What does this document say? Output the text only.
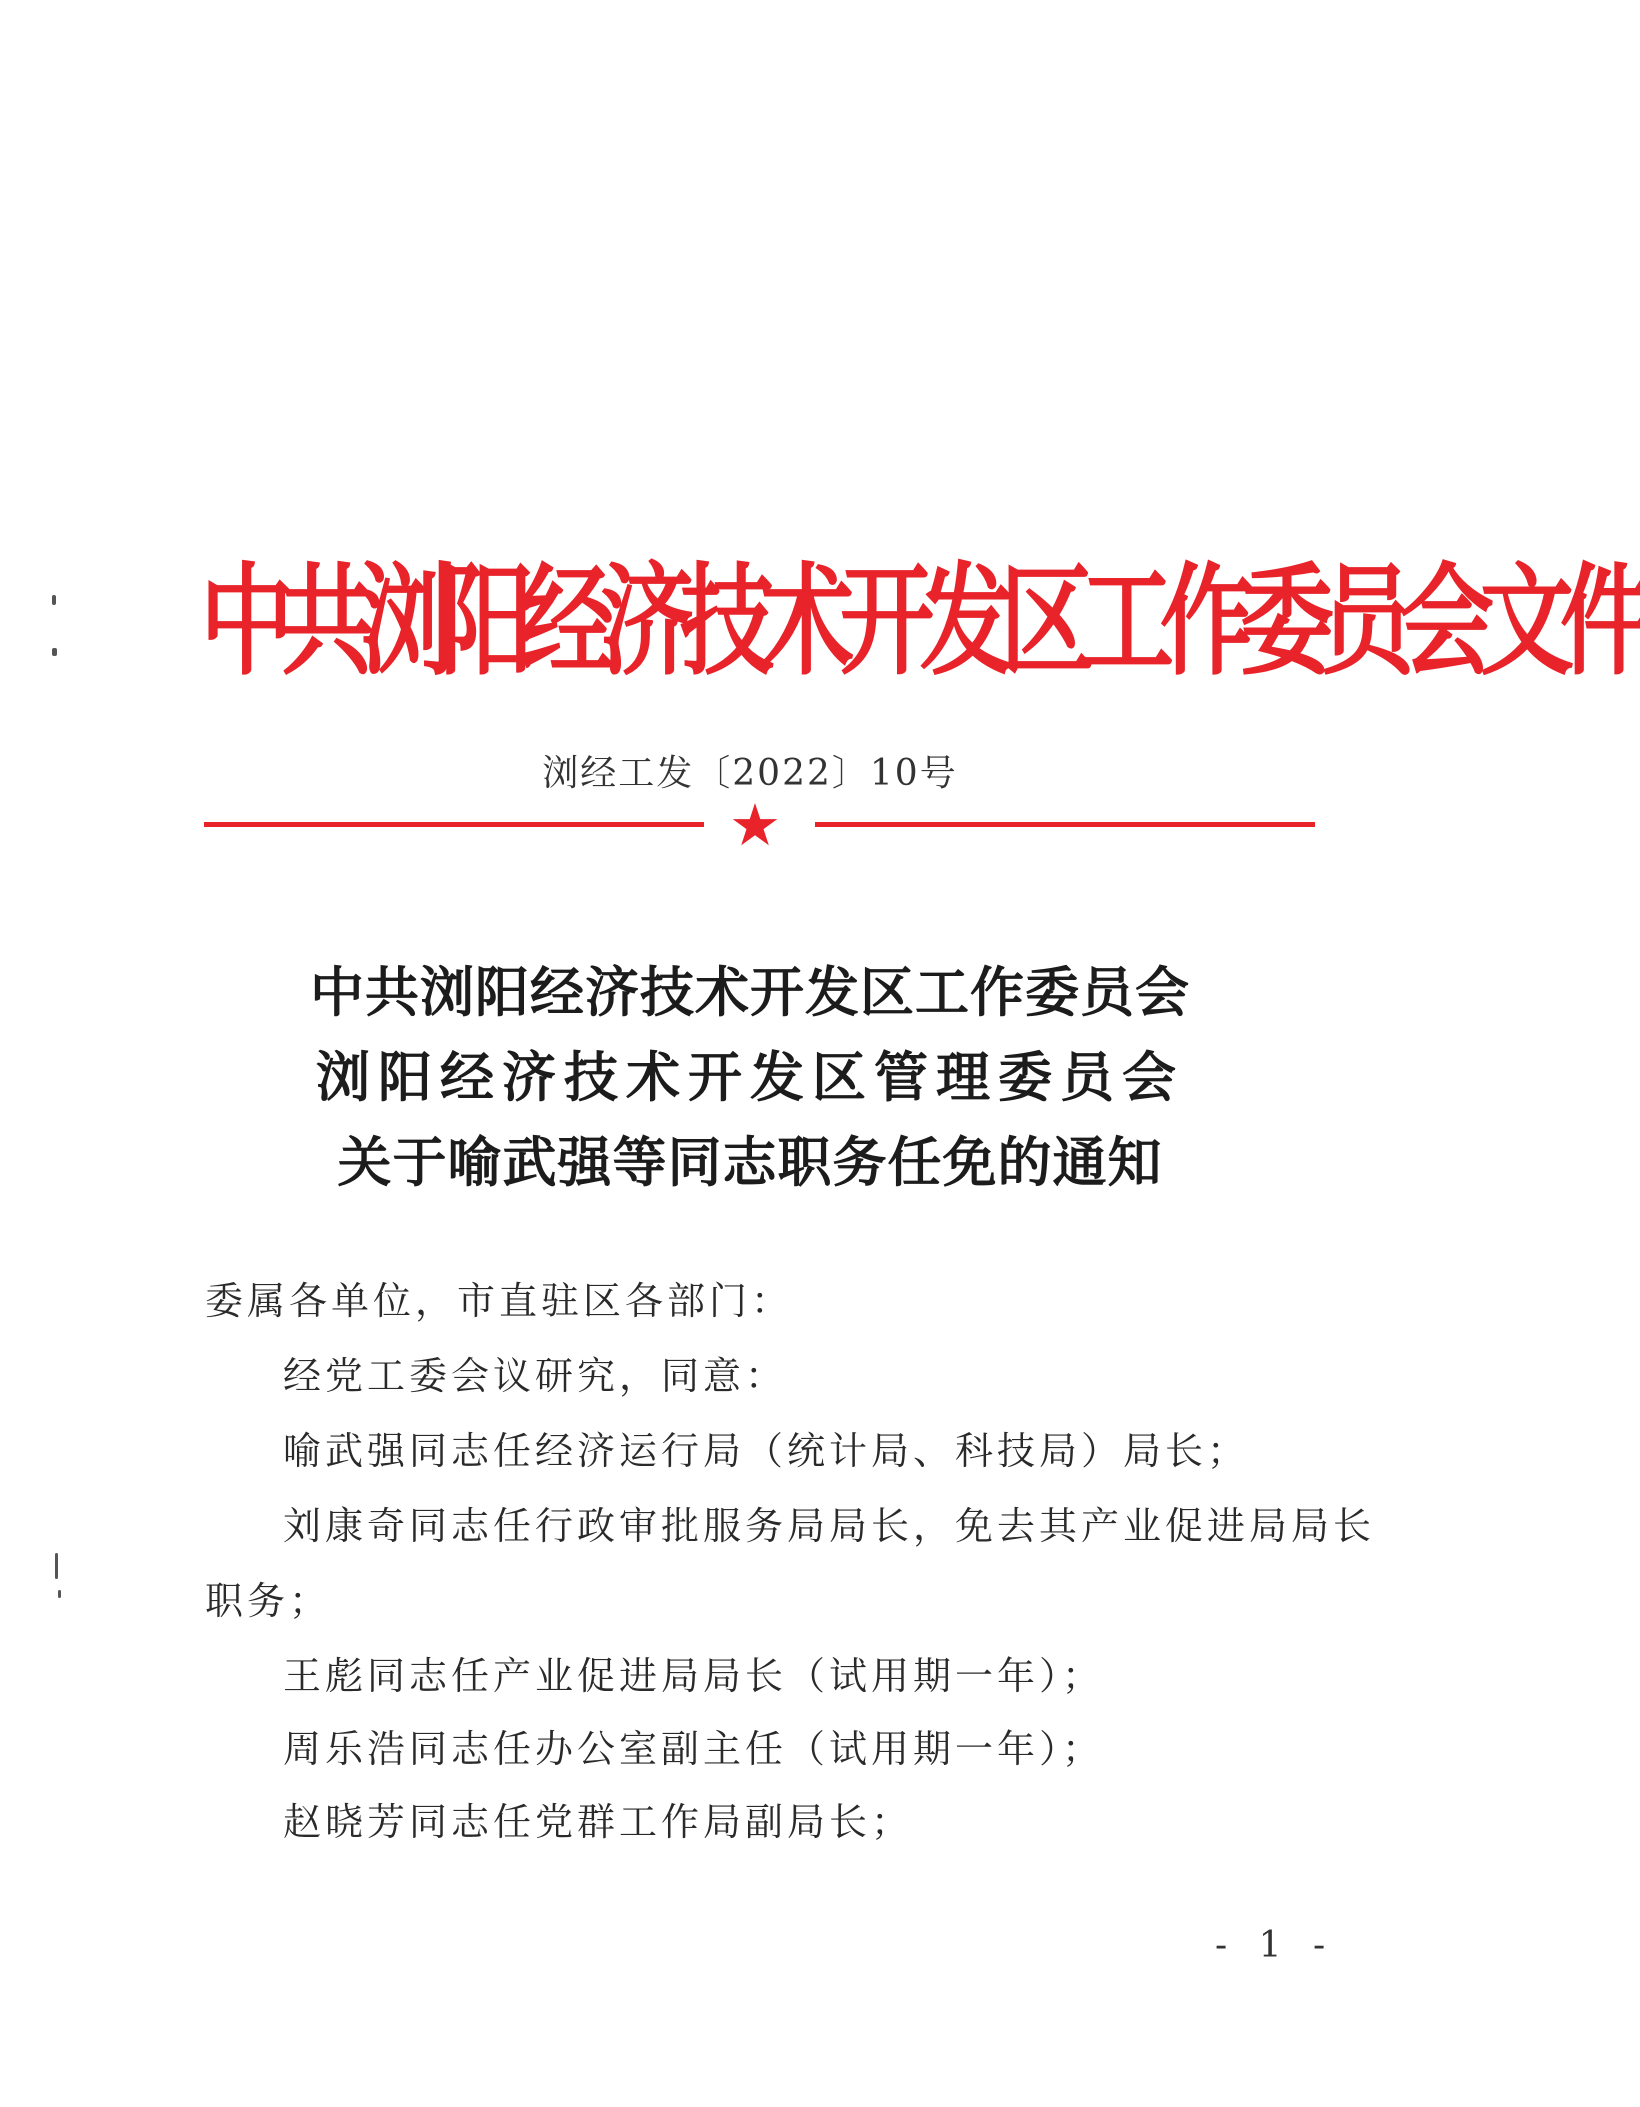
中共浏阳经济技术开发区工作委员会文件
浏经工发〔2022〕10号
★
中共浏阳经济技术开发区工作委员会
浏阳经济技术开发区管理委员会
关于喻武强等同志职务任免的通知
委属各单位，市直驻区各部门：
经党工委会议研究，同意：
喻武强同志任经济运行局（统计局、科技局）局长；
刘康奇同志任行政审批服务局局长，免去其产业促进局局长
职务；
王彪同志任产业促进局局长（试用期一年）；
周乐浩同志任办公室副主任（试用期一年）；
赵晓芳同志任党群工作局副局长；
- 1 -
